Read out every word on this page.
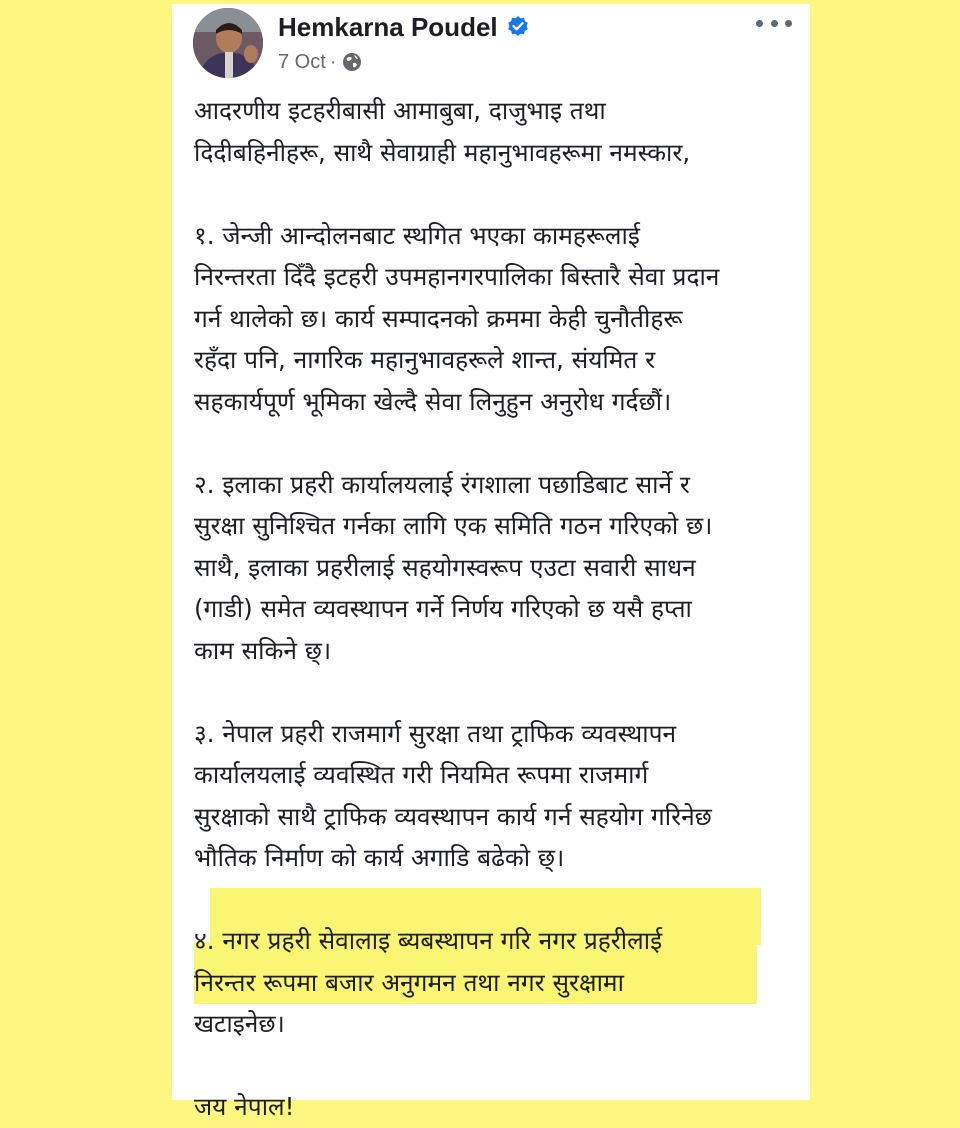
Hemkarna Poudel
7 Oct ·

आदरणीय इटहरीबासी आमाबुबा, दाजुभाइ तथा

दिदीबहिनीहरू, साथै सेवाग्राही महानुभावहरूमा नमस्कार,

१. जेन्जी आन्दोलनबाट स्थगित भएका कामहरूलाई

निरन्तरता दिँदै इटहरी उपमहानगरपालिका बिस्तारै सेवा प्रदान

गर्न थालेको छ। कार्य सम्पादनको क्रममा केही चुनौतीहरू

रहँदा पनि, नागरिक महानुभावहरूले शान्त, संयमित र

सहकार्यपूर्ण भूमिका खेल्दै सेवा लिनुहुन अनुरोध गर्दछौं।

२. इलाका प्रहरी कार्यालयलाई रंगशाला पछाडिबाट सार्ने र

सुरक्षा सुनिश्चित गर्नका लागि एक समिति गठन गरिएको छ।

साथै, इलाका प्रहरीलाई सहयोगस्वरूप एउटा सवारी साधन

(गाडी) समेत व्यवस्थापन गर्ने निर्णय गरिएको छ यसै हप्ता

काम सकिने छ्।

३. नेपाल प्रहरी राजमार्ग सुरक्षा तथा ट्राफिक व्यवस्थापन

कार्यालयलाई व्यवस्थित गरी नियमित रूपमा राजमार्ग

सुरक्षाको साथै ट्राफिक व्यवस्थापन कार्य गर्न सहयोग गरिनेछ

भौतिक निर्माण को कार्य अगाडि बढेको छ्।

४. नगर प्रहरी सेवालाइ ब्यबस्थापन गरि नगर प्रहरीलाई

निरन्तर रूपमा बजार अनुगमन तथा नगर सुरक्षामा

खटाइनेछ।

जय नेपाल!
